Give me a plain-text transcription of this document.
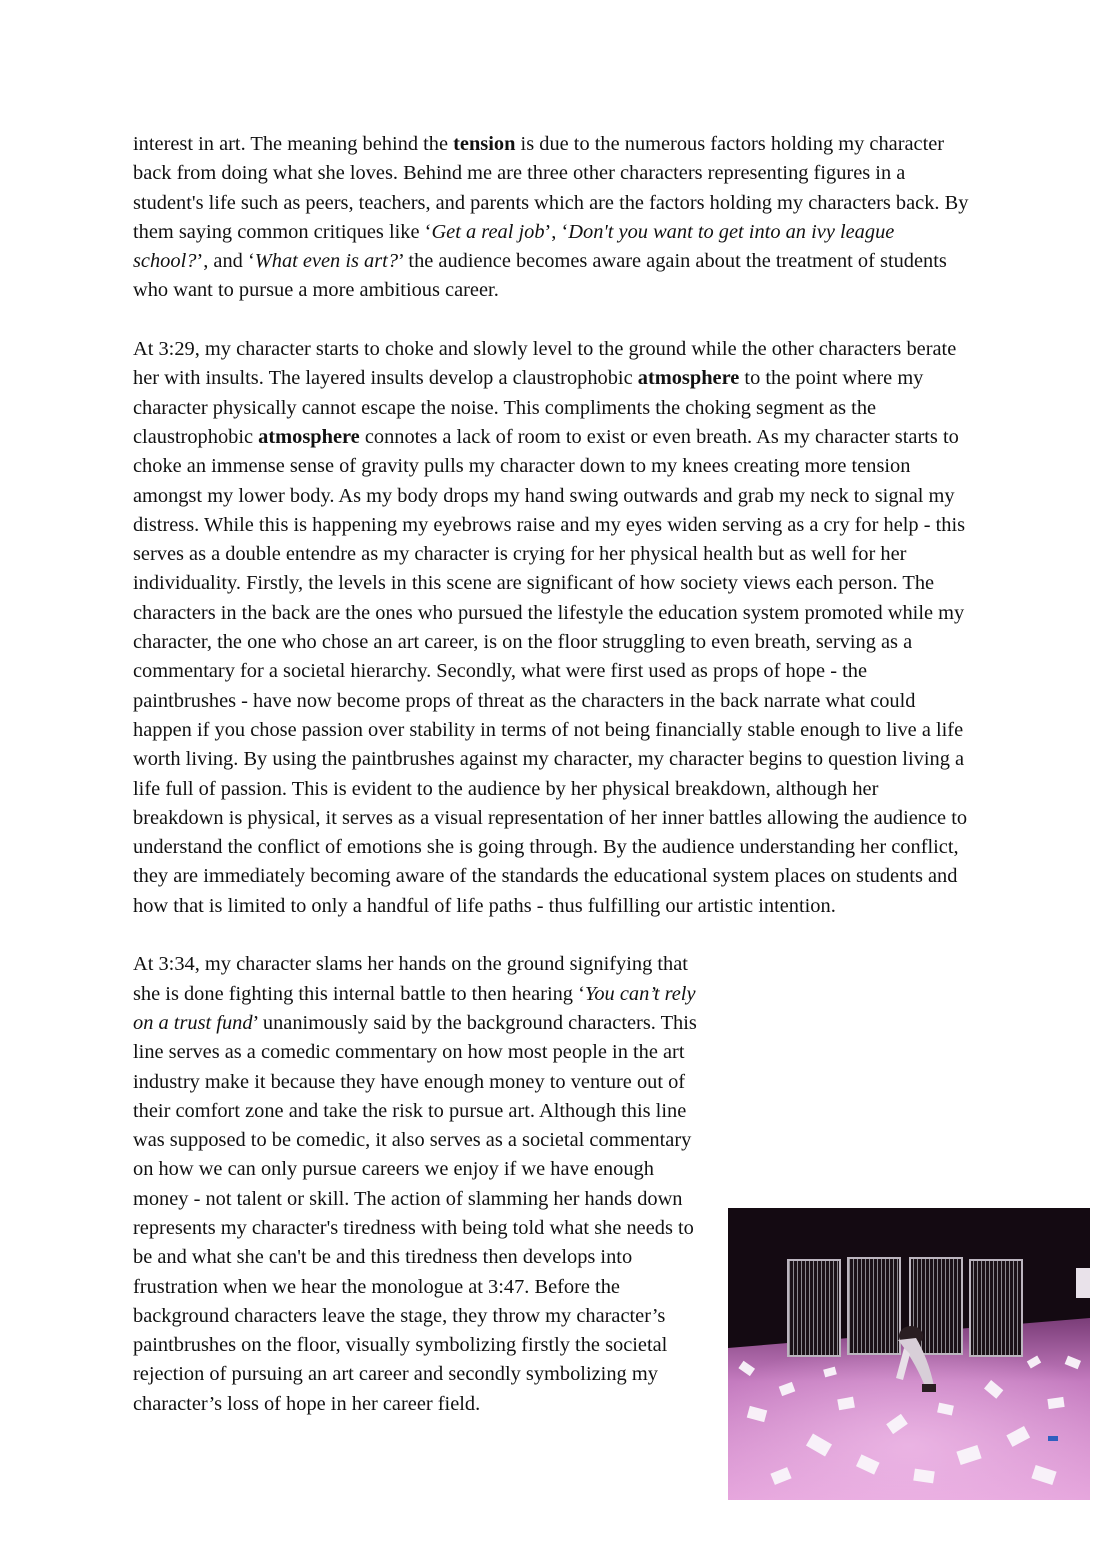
interest in art. The meaning behind the tension is due to the numerous factors holding my character back from doing what she loves. Behind me are three other characters representing figures in a student's life such as peers, teachers, and parents which are the factors holding my characters back. By them saying common critiques like ‘Get a real job’, ‘Don't you want to get into an ivy league school?’, and ‘What even is art?’ the audience becomes aware again about the treatment of students who want to pursue a more ambitious career.

At 3:29, my character starts to choke and slowly level to the ground while the other characters berate her with insults. The layered insults develop a claustrophobic atmosphere to the point where my character physically cannot escape the noise. This compliments the choking segment as the claustrophobic atmosphere connotes a lack of room to exist or even breath. As my character starts to choke an immense sense of gravity pulls my character down to my knees creating more tension amongst my lower body. As my body drops my hand swing outwards and grab my neck to signal my distress. While this is happening my eyebrows raise and my eyes widen serving as a cry for help - this serves as a double entendre as my character is crying for her physical health but as well for her individuality. Firstly, the levels in this scene are significant of how society views each person. The characters in the back are the ones who pursued the lifestyle the education system promoted while my character, the one who chose an art career, is on the floor struggling to even breath, serving as a commentary for a societal hierarchy. Secondly, what were first used as props of hope - the paintbrushes - have now become props of threat as the characters in the back narrate what could happen if you chose passion over stability in terms of not being financially stable enough to live a life worth living. By using the paintbrushes against my character, my character begins to question living a life full of passion. This is evident to the audience by her physical breakdown, although her breakdown is physical, it serves as a visual representation of her inner battles allowing the audience to understand the conflict of emotions she is going through. By the audience understanding her conflict, they are immediately becoming aware of the standards the educational system places on students and how that is limited to only a handful of life paths - thus fulfilling our artistic intention.

At 3:34, my character slams her hands on the ground signifying that she is done fighting this internal battle to then hearing ‘You can’t rely on a trust fund’ unanimously said by the background characters. This line serves as a comedic commentary on how most people in the art industry make it because they have enough money to venture out of their comfort zone and take the risk to pursue art. Although this line was supposed to be comedic, it also serves as a societal commentary on how we can only pursue careers we enjoy if we have enough money - not talent or skill. The action of slamming her hands down represents my character's tiredness with being told what she needs to be and what she can't be and this tiredness then develops into frustration when we hear the monologue at 3:47. Before the background characters leave the stage, they throw my character’s paintbrushes on the floor, visually symbolizing firstly the societal rejection of pursuing an art career and secondly symbolizing my character’s loss of hope in her career field.
